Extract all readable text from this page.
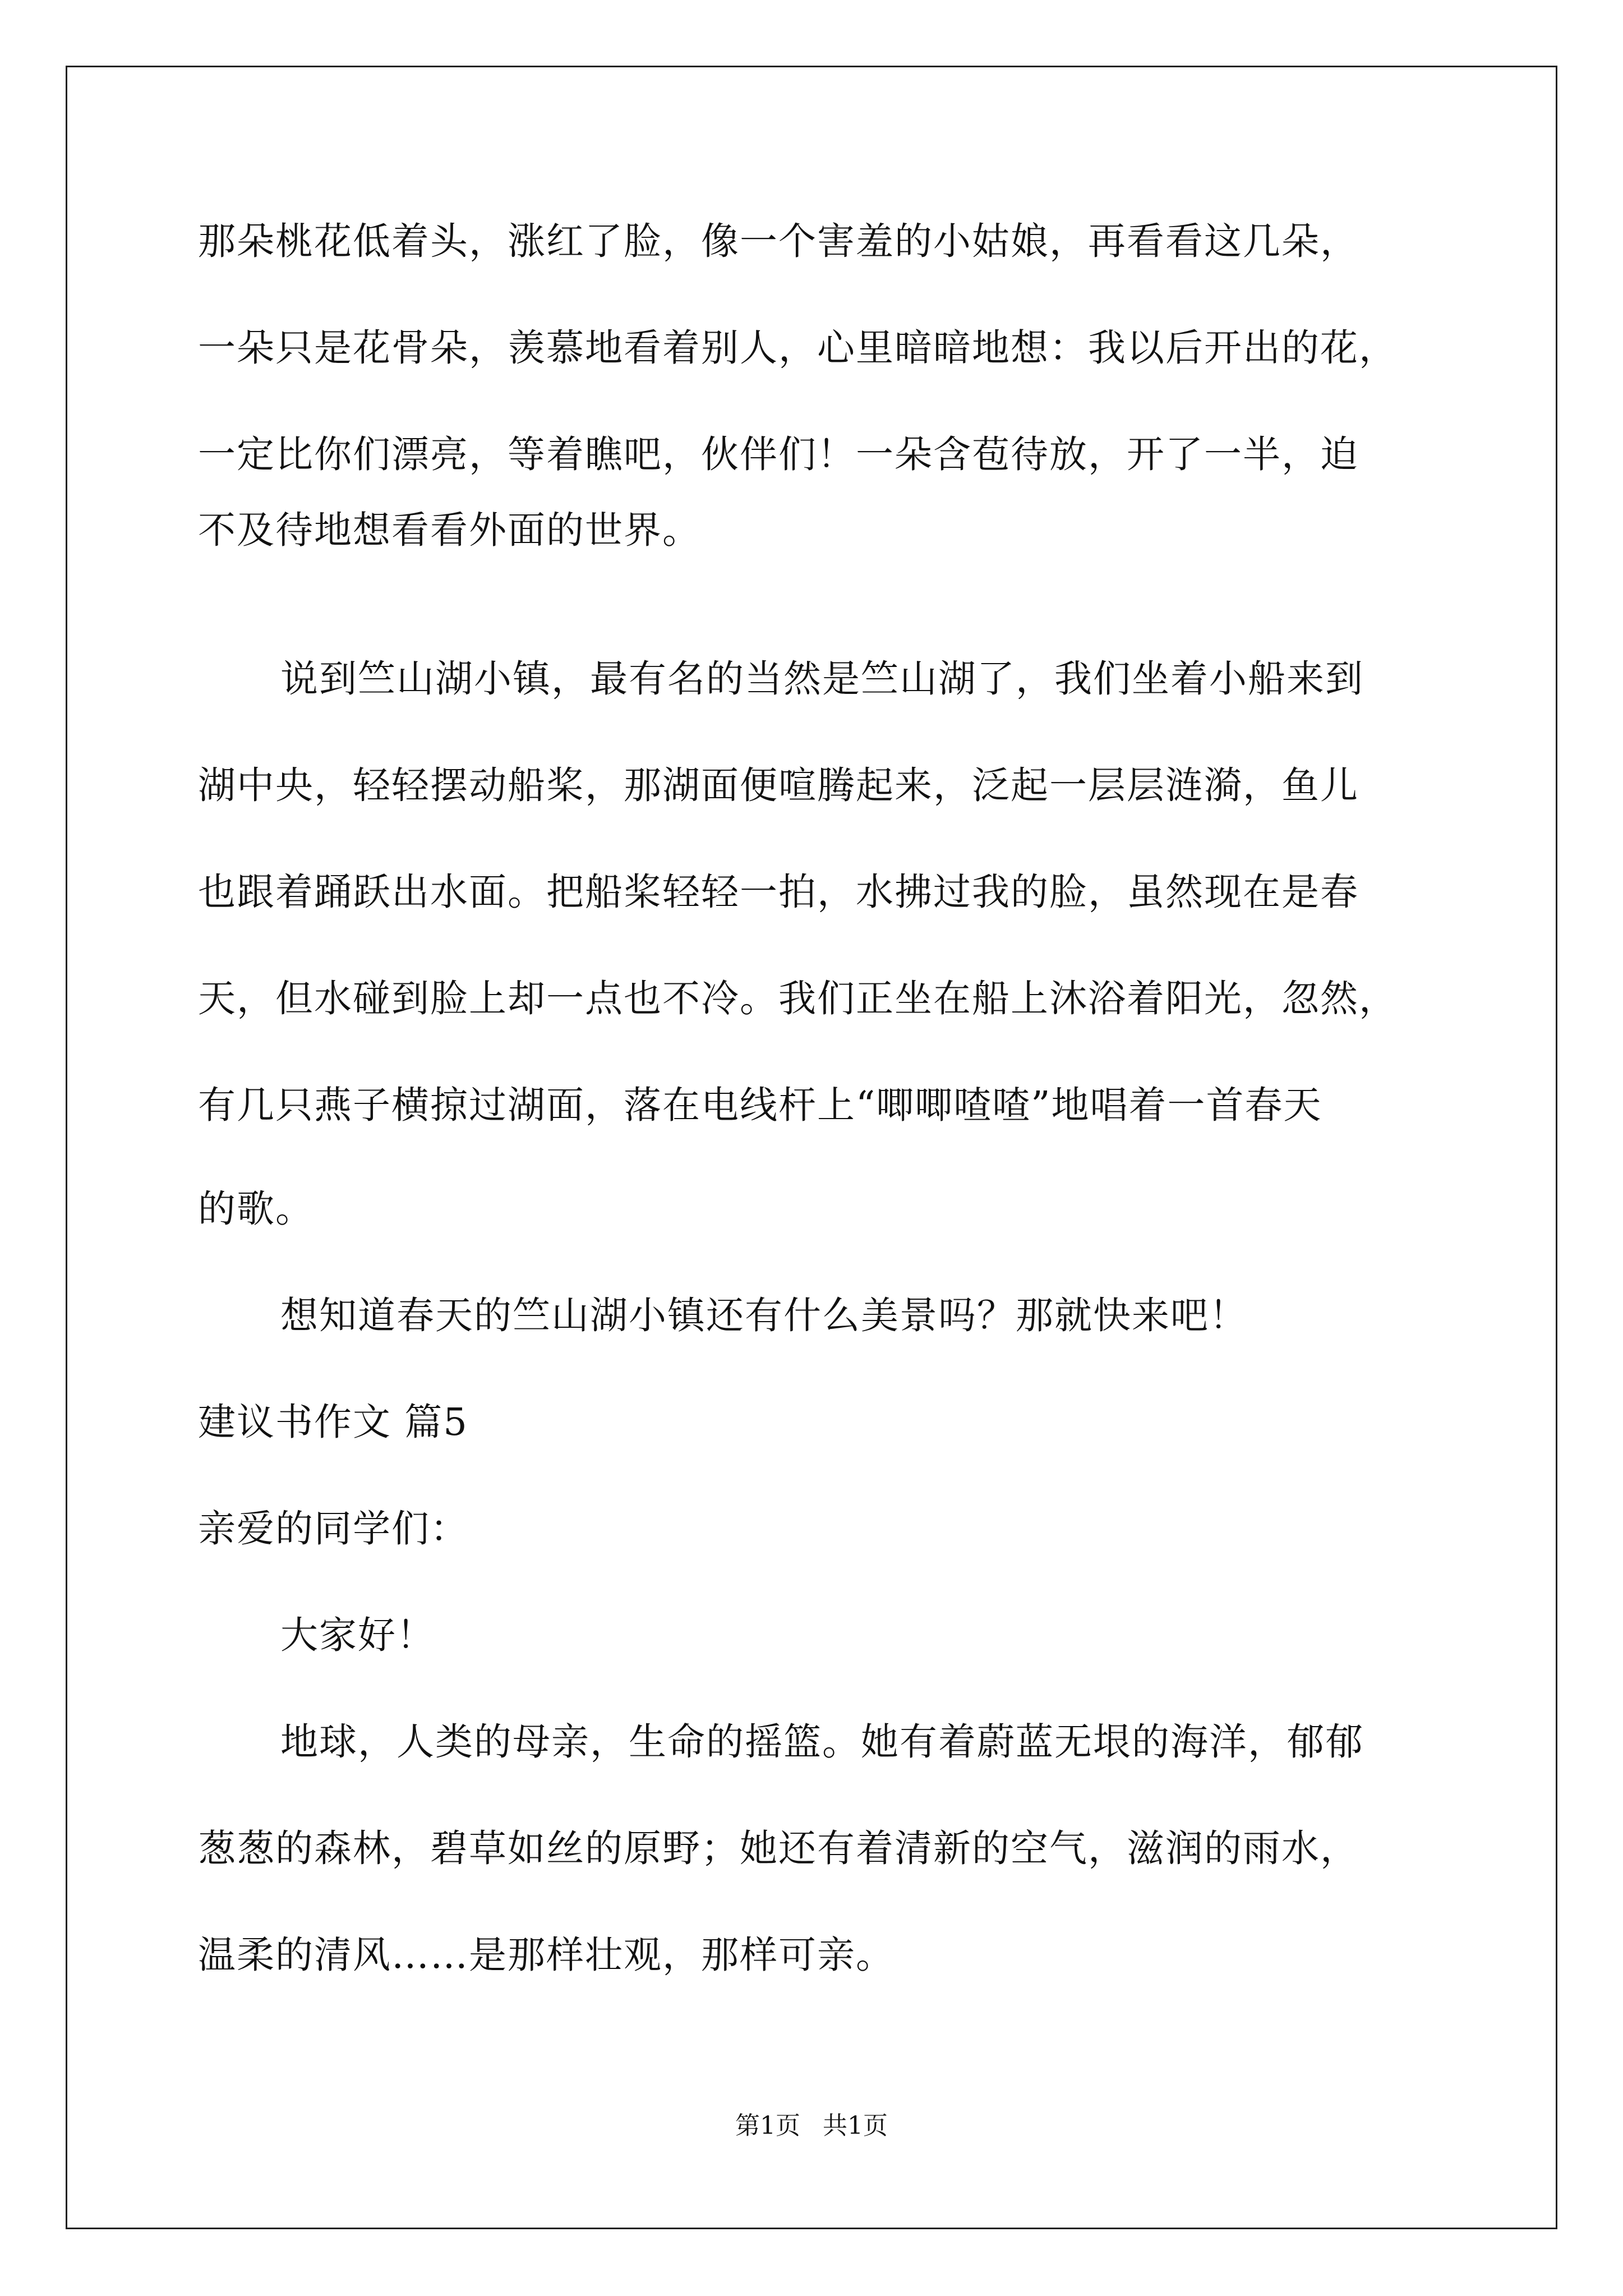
那朵桃花低着头，涨红了脸，像一个害羞的小姑娘，再看看这几朵，
一朵只是花骨朵，羡慕地看着别人，心里暗暗地想：我以后开出的花，
一定比你们漂亮，等着瞧吧，伙伴们！一朵含苞待放，开了一半，迫
不及待地想看看外面的世界。
说到竺山湖小镇，最有名的当然是竺山湖了，我们坐着小船来到
湖中央，轻轻摆动船桨，那湖面便喧腾起来，泛起一层层涟漪，鱼儿
也跟着踊跃出水面。把船桨轻轻一拍，水拂过我的脸，虽然现在是春
天，但水碰到脸上却一点也不冷。我们正坐在船上沐浴着阳光，忽然，
有几只燕子横掠过湖面，落在电线杆上“唧唧喳喳”地唱着一首春天
的歌。
想知道春天的竺山湖小镇还有什么美景吗？那就快来吧！
建议书作文 篇5
亲爱的同学们：
大家好！
地球，人类的母亲，生命的摇篮。她有着蔚蓝无垠的海洋，郁郁
葱葱的森林，碧草如丝的原野；她还有着清新的空气，滋润的雨水，
温柔的清风……是那样壮观，那样可亲。
第1页 共1页
